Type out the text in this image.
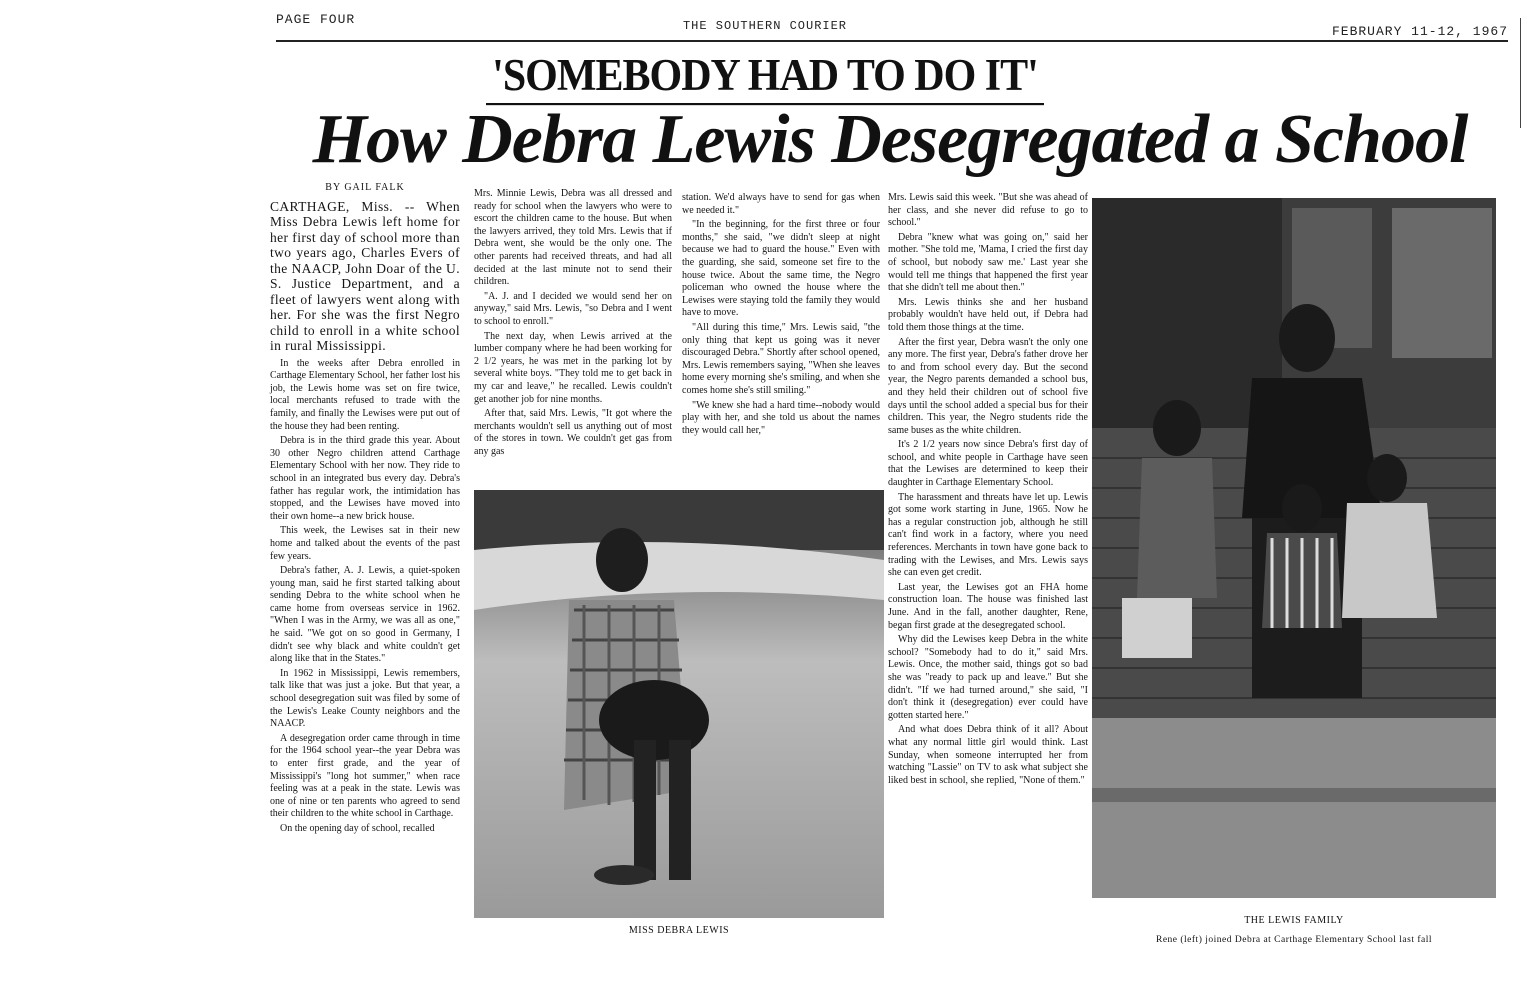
PAGE FOUR	THE SOUTHERN COURIER	FEBRUARY 11-12, 1967
'SOMEBODY HAD TO DO IT'
How Debra Lewis Desegregated a School
BY GAIL FALK
CARTHAGE, Miss. -- When Miss Debra Lewis left home for her first day of school more than two years ago, Charles Evers of the NAACP, John Doar of the U. S. Justice Department, and a fleet of lawyers went along with her. For she was the first Negro child to enroll in a white school in rural Mississippi.

In the weeks after Debra enrolled in Carthage Elementary School, her father lost his job, the Lewis home was set on fire twice, local merchants refused to trade with the family, and finally the Lewises were put out of the house they had been renting.

Debra is in the third grade this year. About 30 other Negro children attend Carthage Elementary School with her now. They ride to school in an integrated bus every day. Debra's father has regular work, the intimidation has stopped, and the Lewises have moved into their own home--a new brick house.

This week, the Lewises sat in their new home and talked about the events of the past few years.

Debra's father, A. J. Lewis, a quiet-spoken young man, said he first started talking about sending Debra to the white school when he came home from overseas service in 1962. "When I was in the Army, we was all as one," he said. "We got on so good in Germany, I didn't see why black and white couldn't get along like that in the States."

In 1962 in Mississippi, Lewis remembers, talk like that was just a joke. But that year, a school desegregation suit was filed by some of the Lewis's Leake County neighbors and the NAACP.

A desegregation order came through in time for the 1964 school year--the year Debra was to enter first grade, and the year of Mississippi's "long hot summer," when race feeling was at a peak in the state. Lewis was one of nine or ten parents who agreed to send their children to the white school in Carthage.

On the opening day of school, recalled

Mrs. Minnie Lewis, Debra was all dressed and ready for school when the lawyers who were to escort the children came to the house. But when the lawyers arrived, they told Mrs. Lewis that if Debra went, she would be the only one. The other parents had received threats, and had all decided at the last minute not to send their children.

"A. J. and I decided we would send her on anyway," said Mrs. Lewis, "so Debra and I went to school to enroll."

The next day, when Lewis arrived at the lumber company where he had been working for 2 1/2 years, he was met in the parking lot by several white boys. "They told me to get back in my car and leave," he recalled. Lewis couldn't get another job for nine months.

After that, said Mrs. Lewis, "It got where the merchants wouldn't sell us anything out of most of the stores in town. We couldn't get gas from any gas

station. We'd always have to send for gas when we needed it."

"In the beginning, for the first three or four months," she said, "we didn't sleep at night because we had to guard the house." Even with the guarding, she said, someone set fire to the house twice. About the same time, the Negro policeman who owned the house where the Lewises were staying told the family they would have to move.

"All during this time," Mrs. Lewis said, "the only thing that kept us going was it never discouraged Debra." Shortly after school opened, Mrs. Lewis remembers saying, "When she leaves home every morning she's smiling, and when she comes home she's still smiling."

"We knew she had a hard time--nobody would play with her, and she told us about the names they would call her,"

Mrs. Lewis said this week. "But she was ahead of her class, and she never did refuse to go to school."

Debra "knew what was going on," said her mother. "She told me, 'Mama, I cried the first day of school, but nobody saw me.' Last year she would tell me things that happened the first year that she didn't tell me about then."

Mrs. Lewis thinks she and her husband probably wouldn't have held out, if Debra had told them those things at the time.

After the first year, Debra wasn't the only one any more. The first year, Debra's father drove her to and from school every day. But the second year, the Negro parents demanded a school bus, and they held their children out of school five days until the school added a special bus for their children. This year, the Negro students ride the same buses as the white children.

It's 2 1/2 years now since Debra's first day of school, and white people in Carthage have seen that the Lewises are determined to keep their daughter in Carthage Elementary School.

The harassment and threats have let up. Lewis got some work starting in June, 1965. Now he has a regular construction job, although he still can't find work in a factory, where you need references. Merchants in town have gone back to trading with the Lewises, and Mrs. Lewis says she can even get credit.

Last year, the Lewises got an FHA home construction loan. The house was finished last June. And in the fall, another daughter, Rene, began first grade at the desegregated school.

Why did the Lewises keep Debra in the white school? "Somebody had to do it," said Mrs. Lewis. Once, the mother said, things got so bad she was "ready to pack up and leave." But she didn't. "If we had turned around," she said, "I don't think it (desegregation) ever could have gotten started here."

And what does Debra think of it all? About what any normal little girl would think. Last Sunday, when someone interrupted her from watching "Lassie" on TV to ask what subject she liked best in school, she replied, "None of them."

MISS DEBRA LEWIS
THE LEWIS FAMILY
Rene (left) joined Debra at Carthage Elementary School last fall
